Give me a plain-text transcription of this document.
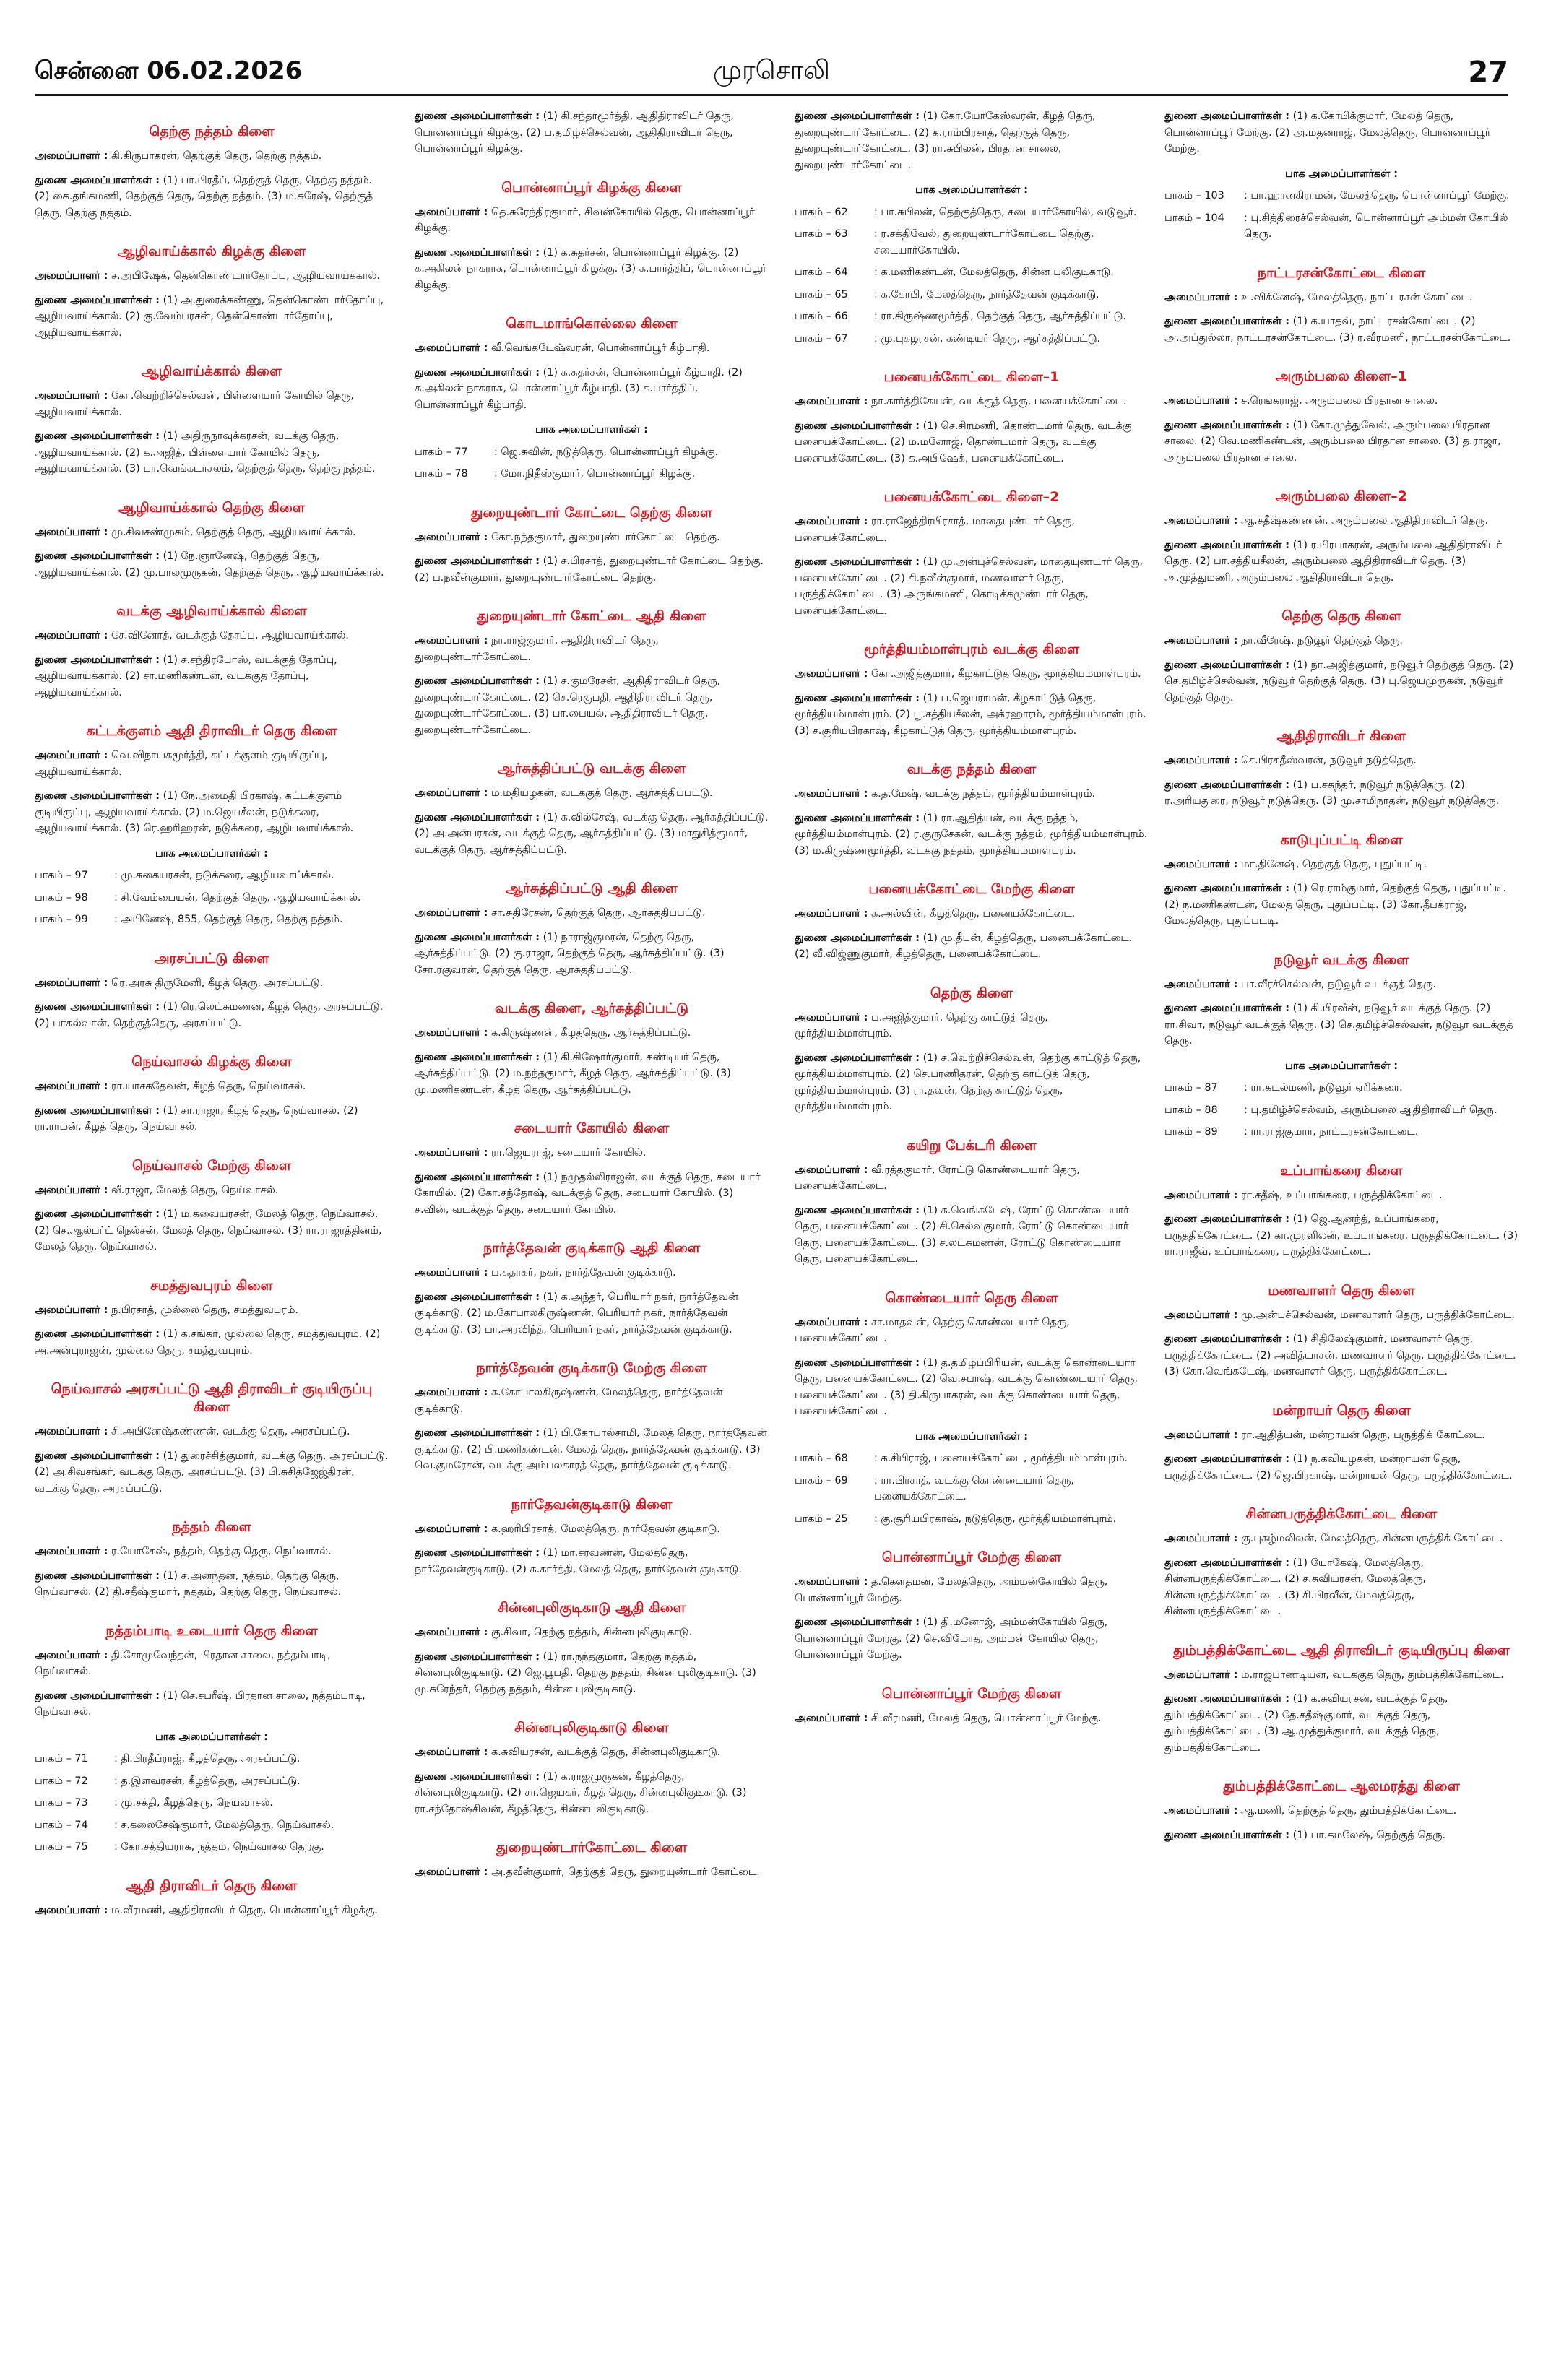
சென்னை 06.02.2026	முரசொலி	27
தெற்கு நத்தம் கிளை

அமைப்பாளர் : கி.கிருபாகரன், தெற்குத் தெரு, தெற்கு நத்தம்.

துணை அமைப்பாளர்கள் : (1) பா.பிரதீப், தெற்குத் தெரு, தெற்கு நத்தம். (2) கை.தங்கமணி, தெற்குத் தெரு, தெற்கு நத்தம். (3) ம.சுரேஷ், தெற்குத் தெரு, தெற்கு நத்தம்.

ஆழிவாய்க்கால் கிழக்கு கிளை

அமைப்பாளர் : ச.அபிஷேக், தென்கொண்டார்தோப்பு, ஆழியவாய்க்கால்.

துணை அமைப்பாளர்கள் : (1) அ.துரைக்கண்ணு, தென்கொண்டார்தோப்பு, ஆழியவாய்க்கால். (2) கு.வேம்பரசன், தென்கொண்டார்தோப்பு, ஆழியவாய்க்கால்.

ஆழிவாய்க்கால் கிளை

அமைப்பாளர் : கோ.வெற்றிச்செல்வன், பிள்ளையார் கோயில் தெரு, ஆழியவாய்க்கால்.

துணை அமைப்பாளர்கள் : (1) அதிருநாவுக்கரசன், வடக்கு தெரு, ஆழியவாய்க்கால். (2) க.அஜித், பிள்ளையார் கோயில் தெரு, ஆழியவாய்க்கால். (3) பா.வெங்கடாசலம், தெற்குத் தெரு, தெற்கு நத்தம்.

ஆழிவாய்க்கால் தெற்கு கிளை

அமைப்பாளர் : மு.சிவசண்முகம், தெற்குத் தெரு, ஆழியவாய்க்கால்.

துணை அமைப்பாளர்கள் : (1) நே.ஞானேஷ், தெற்குத் தெரு, ஆழியவாய்க்கால். (2) மு.பாலமுருகன், தெற்குத் தெரு, ஆழியவாய்க்கால்.

வடக்கு ஆழிவாய்க்கால் கிளை

அமைப்பாளர் : சே.வினோத், வடக்குத் தோப்பு, ஆழியவாய்க்கால்.

துணை அமைப்பாளர்கள் : (1) ச.சந்திரபோஸ், வடக்குத் தோப்பு, ஆழியவாய்க்கால். (2) சா.மணிகண்டன், வடக்குத் தோப்பு, ஆழியவாய்க்கால்.

கட்டக்குளம் ஆதி திராவிடர் தெரு கிளை

அமைப்பாளர் : வெ.விநாயகமூர்த்தி, கட்டக்குளம் குடியிருப்பு, ஆழியவாய்க்கால்.

துணை அமைப்பாளர்கள் : (1) நே.அமைதி பிரகாஷ், கட்டக்குளம் குடியிருப்பு, ஆழியவாய்க்கால். (2) ம.ஜெயசீலன், நடுக்கரை, ஆழியவாய்க்கால். (3) ரெ.ஹரிஹரன், நடுக்கரை, ஆழியவாய்க்கால்.

பாக அமைப்பாளர்கள் :
பாகம் – 97	: மு.சுகையரசன், நடுக்கரை, ஆழியவாய்க்கால்.
பாகம் – 98	: சி.வேம்பையன், தெற்குத் தெரு, ஆழியவாய்க்கால்.
பாகம் – 99	: அபினேஷ், 855, தெற்குத் தெரு, தெற்கு நத்தம்.
அரசப்பட்டு கிளை

அமைப்பாளர் : ரெ.அரசு திருமேனி, கீழத் தெரு, அரசப்பட்டு.

துணை அமைப்பாளர்கள் : (1) ரெ.லெட்சுமணன், கீழத் தெரு, அரசப்பட்டு. (2) பாசுல்வான், தெற்குத்தெரு, அரசப்பட்டு.

நெய்வாசல் கிழக்கு கிளை

அமைப்பாளர் : ரா.யாசகதேவன், கீழத் தெரு, நெய்வாசல்.

துணை அமைப்பாளர்கள் : (1) சா.ராஜா, கீழத் தெரு, நெய்வாசல். (2) ரா.ராமன், கீழத் தெரு, நெய்வாசல்.

நெய்வாசல் மேற்கு கிளை

அமைப்பாளர் : வீ.ராஜா, மேலத் தெரு, நெய்வாசல்.

துணை அமைப்பாளர்கள் : (1) ம.கவையரசன், மேலத் தெரு, நெய்வாசல். (2) செ.ஆல்பர்ட் நெல்சன், மேலத் தெரு, நெய்வாசல். (3) ரா.ராஜரத்தினம், மேலத் தெரு, நெய்வாசல்.

சமத்துவபுரம் கிளை

அமைப்பாளர் : ந.பிரசாத், முல்லை தெரு, சமத்துவபுரம்.

துணை அமைப்பாளர்கள் : (1) க.சங்கர், முல்லை தெரு, சமத்துவபுரம். (2) அ.அன்புராஜன், முல்லை தெரு, சமத்துவபுரம்.

நெய்வாசல் அரசப்பட்டு ஆதி திராவிடர் குடியிருப்பு கிளை

அமைப்பாளர் : சி.அபினேஷ்கண்ணன், வடக்கு தெரு, அரசப்பட்டு.

துணை அமைப்பாளர்கள் : (1) துரைச்சித்குமார், வடக்கு தெரு, அரசப்பட்டு. (2) அ.சிவசங்கர், வடக்கு தெரு, அரசப்பட்டு. (3) பி.சுசித்ஜேஜ்திரன், வடக்கு தெரு, அரசப்பட்டு.

நத்தம் கிளை

அமைப்பாளர் : ர.யோகேஷ், நத்தம், தெற்கு தெரு, நெய்வாசல்.

துணை அமைப்பாளர்கள் : (1) ச.அனந்தன், நத்தம், தெற்கு தெரு, நெய்வாசல். (2) தி.சதீஷ்குமார், நத்தம், தெற்கு தெரு, நெய்வாசல்.

நத்தம்பாடி உடையார் தெரு கிளை

அமைப்பாளர் : தி.சோமுவேந்தன், பிரதான சாலை, நத்தம்பாடி, நெய்வாசல்.

துணை அமைப்பாளர்கள் : (1) செ.சபரீஷ், பிரதான சாலை, நத்தம்பாடி, நெய்வாசல்.

பாக அமைப்பாளர்கள் :
பாகம் – 71	: தி.பிரதீப்ராஜ், கீழத்தெரு, அரசப்பட்டு.
பாகம் – 72	: த.இளவரசன், கீழத்தெரு, அரசப்பட்டு.
பாகம் – 73	: மு.சக்தி, கீழத்தெரு, நெய்வாசல்.
பாகம் – 74	: ச.கலைசேஷ்குமார், மேலத்தெரு, நெய்வாசல்.
பாகம் – 75	: கோ.சத்தியராசு, நத்தம், நெய்வாசல் தெற்கு.
ஆதி திராவிடர் தெரு கிளை

அமைப்பாளர் : ம.வீரமணி, ஆதிதிராவிடர் தெரு, பொன்னாப்பூர் கிழக்கு.

துணை அமைப்பாளர்கள் : (1) கி.சந்தாமூர்த்தி, ஆதிதிராவிடர் தெரு, பொன்னாப்பூர் கிழக்கு. (2) ப.தமிழ்ச்செல்வன், ஆதிதிராவிடர் தெரு, பொன்னாப்பூர் கிழக்கு.

பொன்னாப்பூர் கிழக்கு கிளை

அமைப்பாளர் : தெ.சுரேந்திரகுமார், சிவன்கோயில் தெரு, பொன்னாப்பூர் கிழக்கு.

துணை அமைப்பாளர்கள் : (1) க.சுதர்சன், பொன்னாப்பூர் கிழக்கு. (2) க.அகிலன் நாகராசு, பொன்னாப்பூர் கிழக்கு. (3) க.பார்த்திப், பொன்னாப்பூர் கிழக்கு.

கொடமாங்கொல்லை கிளை

அமைப்பாளர் : வீ.வெங்கடேஷ்வரன், பொன்னாப்பூர் கீழ்பாதி.

துணை அமைப்பாளர்கள் : (1) க.சுதர்சன், பொன்னாப்பூர் கீழ்பாதி. (2) க.அகிலன் நாகராசு, பொன்னாப்பூர் கீழ்பாதி. (3) க.பார்த்திப், பொன்னாப்பூர் கீழ்பாதி.

பாக அமைப்பாளர்கள் :
பாகம் – 77	: ஜெ.சுவின், நடுத்தெரு, பொன்னாப்பூர் கிழக்கு.
பாகம் – 78	: மோ.நிதீஸ்குமார், பொன்னாப்பூர் கிழக்கு.
துறையுண்டார் கோட்டை தெற்கு கிளை

அமைப்பாளர் : கோ.நந்தகுமார், துறையுண்டார்கோட்டை தெற்கு.

துணை அமைப்பாளர்கள் : (1) ச.பிரசாத், துறையுண்டார் கோட்டை தெற்கு. (2) ப.நவீன்குமார், துறையுண்டார்கோட்டை தெற்கு.

துறையுண்டார் கோட்டை ஆதி கிளை

அமைப்பாளர் : நா.ராஜ்குமார், ஆதிதிராவிடர் தெரு, துறையுண்டார்கோட்டை.

துணை அமைப்பாளர்கள் : (1) ச.குமரேசன், ஆதிதிராவிடர் தெரு, துறையுண்டார்கோட்டை. (2) செ.ரெகுபதி, ஆதிதிராவிடர் தெரு, துறையுண்டார்கோட்டை. (3) பா.பையல், ஆதிதிராவிடர் தெரு, துறையுண்டார்கோட்டை.

ஆர்சுத்திப்பட்டு வடக்கு கிளை

அமைப்பாளர் : ம.மதியழகன், வடக்குத் தெரு, ஆர்சுத்திப்பட்டு.

துணை அமைப்பாளர்கள் : (1) க.வில்சேஷ், வடக்கு தெரு, ஆர்சுத்திப்பட்டு. (2) அ.அன்பரசன், வடக்குத் தெரு, ஆர்சுத்திப்பட்டு. (3) மாதுசித்குமார், வடக்குத் தெரு, ஆர்சுத்திப்பட்டு.

ஆர்சுத்திப்பட்டு ஆதி கிளை

அமைப்பாளர் : சா.சுதிரேசன், தெற்குத் தெரு, ஆர்சுத்திப்பட்டு.

துணை அமைப்பாளர்கள் : (1) நாராஜ்குமரன், தெற்கு தெரு, ஆர்சுத்திப்பட்டு. (2) கு.ராஜா, தெற்குத் தெரு, ஆர்சுத்திப்பட்டு. (3) சோ.ரகுவரன், தெற்குத் தெரு, ஆர்சுத்திப்பட்டு.

வடக்கு கிளை, ஆர்சுத்திப்பட்டு

அமைப்பாளர் : க.கிருஷ்ணன், கீழத்தெரு, ஆர்சுத்திப்பட்டு.

துணை அமைப்பாளர்கள் : (1) கி.கிஷோர்குமார், கண்டியர் தெரு, ஆர்சுத்திப்பட்டு. (2) ம.நந்தகுமார், கீழத் தெரு, ஆர்சுத்திப்பட்டு. (3) மு.மணிகண்டன், கீழத் தெரு, ஆர்சுத்திப்பட்டு.

சடையார் கோயில் கிளை

அமைப்பாளர் : ரா.ஜெயராஜ், சடையார் கோயில்.

துணை அமைப்பாளர்கள் : (1) நமுதல்லிராஜன், வடக்குத் தெரு, சடையார் கோயில். (2) கோ.சந்தோஷ், வடக்குத் தெரு, சடையார் கோயில். (3) ச.வின், வடக்குத் தெரு, சடையார் கோயில்.

நார்த்தேவன் குடிக்காடு ஆதி கிளை

அமைப்பாளர் : ப.சுதாகர், நகர், நார்த்தேவன் குடிக்காடு.

துணை அமைப்பாளர்கள் : (1) க.அந்தர், பெரியார் நகர், நார்த்தேவன் குடிக்காடு. (2) ம.கோபாலகிருஷ்ணன், பெரியார் நகர், நார்த்தேவன் குடிக்காடு. (3) பா.அரவிந்த், பெரியார் நகர், நார்த்தேவன் குடிக்காடு.

நார்த்தேவன் குடிக்காடு மேற்கு கிளை

அமைப்பாளர் : க.கோபாலகிருஷ்ணன், மேலத்தெரு, நார்த்தேவன் குடிக்காடு.

துணை அமைப்பாளர்கள் : (1) பி.கோபால்சாமி, மேலத் தெரு, நார்த்தேவன் குடிக்காடு. (2) பி.மணிகண்டன், மேலத் தெரு, நார்த்தேவன் குடிக்காடு. (3) வெ.குமரேசன், வடக்கு அம்பலகாரத் தெரு, நார்த்தேவன் குடிக்காடு.

நார்தேவன்குடிகாடு கிளை

அமைப்பாளர் : க.ஹரிபிரசாத், மேலத்தெரு, நார்தேவன் குடிகாடு.

துணை அமைப்பாளர்கள் : (1) மா.சரவணன், மேலத்தெரு, நார்தேவன்குடிகாடு. (2) க.கார்த்தி, மேலத் தெரு, நார்தேவன் குடிகாடு.

சின்னபுலிகுடிகாடு ஆதி கிளை

அமைப்பாளர் : கு.சிவா, தெற்கு நத்தம், சின்னபுலிகுடிகாடு.

துணை அமைப்பாளர்கள் : (1) ரா.நந்தகுமார், தெற்கு நத்தம், சின்னபுலிகுடிகாடு. (2) ஜெ.பூபதி, தெற்கு நத்தம், சின்ன புலிகுடிகாடு. (3) மு.சுரேந்தர், தெற்கு நத்தம், சின்ன புலிகுடிகாடு.

சின்னபுலிகுடிகாடு கிளை

அமைப்பாளர் : க.சுவியரசன், வடக்குத் தெரு, சின்னபுலிகுடிகாடு.

துணை அமைப்பாளர்கள் : (1) க.ராஜமுருகன், கீழத்தெரு, சின்னபுலிகுடிகாடு. (2) சா.ஜெயகர், கீழத் தெரு, சின்னபுலிகுடிகாடு. (3) ரா.சந்தோஷ்சிவன், கீழத்தெரு, சின்னபுலிகுடிகாடு.

துறையுண்டார்கோட்டை கிளை

அமைப்பாளர் : அ.தவீன்குமார், தெற்குத் தெரு, துறையுண்டார் கோட்டை.

துணை அமைப்பாளர்கள் : (1) கோ.யோகேஸ்வரன், கீழத் தெரு, துறையுண்டார்கோட்டை. (2) க.ராம்பிரசாத், தெற்குத் தெரு, துறையுண்டார்கோட்டை. (3) ரா.சுபிலன், பிரதான சாலை, துறையுண்டார்கோட்டை.

பாக அமைப்பாளர்கள் :
பாகம் – 62	: பா.சுபிலன், தெற்குத்தெரு, சடையார்கோயில், வடுவூர்.
பாகம் – 63	: ர.சக்திவேல், துறையுண்டார்கோட்டை தெற்கு, சடையார்கோயில்.
பாகம் – 64	: க.மணிகண்டன், மேலத்தெரு, சின்ன புலிகுடிகாடு.
பாகம் – 65	: க.கோபி, மேலத்தெரு, நார்த்தேவன் குடிக்காடு.
பாகம் – 66	: ரா.கிருஷ்ணமூர்த்தி, தெற்குத் தெரு, ஆர்சுத்திப்பட்டு.
பாகம் – 67	: மு.புகழரசன், கண்டியர் தெரு, ஆர்சுத்திப்பட்டு.
பனையக்கோட்டை கிளை–1

அமைப்பாளர் : நா.கார்த்திகேயன், வடக்குத் தெரு, பனையக்கோட்டை.

துணை அமைப்பாளர்கள் : (1) செ.சிரமணி, தொண்டமார் தெரு, வடக்கு பனையக்கோட்டை. (2) ம.மனோஜ், தொண்டமார் தெரு, வடக்கு பனையக்கோட்டை. (3) க.அபிஷேக், பனையக்கோட்டை.

பனையக்கோட்டை கிளை–2

அமைப்பாளர் : ரா.ராஜேந்திரபிரசாத், மாதையுண்டார் தெரு, பனையக்கோட்டை.

துணை அமைப்பாளர்கள் : (1) மு.அன்புச்செல்வன், மாதையுண்டார் தெரு, பனையக்கோட்டை. (2) சி.நவீன்குமார், மணவாளர் தெரு, பருத்திக்கோட்டை. (3) அருங்கமணி, கொடிக்கமுண்டார் தெரு, பனையக்கோட்டை.

மூர்த்தியம்மாள்புரம் வடக்கு கிளை

அமைப்பாளர் : கோ.அஜித்குமார், கீழகாட்டுத் தெரு, மூர்த்தியம்மாள்புரம்.

துணை அமைப்பாளர்கள் : (1) ப.ஜெயராமன், கீழகாட்டுத் தெரு, மூர்த்தியம்மாள்புரம். (2) பூ.சத்தியசீலன், அக்ரஹாரம், மூர்த்தியம்மாள்புரம். (3) ச.சூரியபிரகாஷ், கீழகாட்டுத் தெரு, மூர்த்தியம்மாள்புரம்.

வடக்கு நத்தம் கிளை

அமைப்பாளர் : க.த.மேஷ், வடக்கு நத்தம், மூர்த்தியம்மாள்புரம்.

துணை அமைப்பாளர்கள் : (1) ரா.ஆதித்யன், வடக்கு நத்தம், மூர்த்தியம்மாள்புரம். (2) ர.குருசேகன், வடக்கு நத்தம், மூர்த்தியம்மாள்புரம். (3) ம.கிருஷ்ணமூர்த்தி, வடக்கு நத்தம், மூர்த்தியம்மாள்புரம்.

பனையக்கோட்டை மேற்கு கிளை

அமைப்பாளர் : க.அல்வின், கீழத்தெரு, பனையக்கோட்டை.

துணை அமைப்பாளர்கள் : (1) மு.தீபன், கீழத்தெரு, பனையக்கோட்டை. (2) வீ.விஜ்ணுகுமார், கீழத்தெரு, பனையக்கோட்டை.

தெற்கு கிளை

அமைப்பாளர் : ப.அஜித்குமார், தெற்கு காட்டுத் தெரு, மூர்த்தியம்மாள்புரம்.

துணை அமைப்பாளர்கள் : (1) ச.வெற்றிச்செல்வன், தெற்கு காட்டுத் தெரு, மூர்த்தியம்மாள்புரம். (2) செ.பரணிதரன், தெற்கு காட்டுத் தெரு, மூர்த்தியம்மாள்புரம். (3) ரா.தவன், தெற்கு காட்டுத் தெரு, மூர்த்தியம்மாள்புரம்.

கயிறு பேக்டரி கிளை

அமைப்பாளர் : வீ.ரத்தகுமார், ரோட்டு கொண்டையார் தெரு, பனையக்கோட்டை.

துணை அமைப்பாளர்கள் : (1) க.வெங்கடேஷ், ரோட்டு கொண்டையார் தெரு, பனையக்கோட்டை. (2) சி.செல்வகுமார், ரோட்டு கொண்டையார் தெரு, பனையக்கோட்டை. (3) ச.லட்சுமணன், ரோட்டு கொண்டையார் தெரு, பனையக்கோட்டை.

கொண்டையார் தெரு கிளை

அமைப்பாளர் : சா.மாதவன், தெற்கு கொண்டையார் தெரு, பனையக்கோட்டை.

துணை அமைப்பாளர்கள் : (1) த.தமிழ்ப்பிரியன், வடக்கு கொண்டையார் தெரு, பனையக்கோட்டை. (2) வெ.சபாஷ், வடக்கு கொண்டையார் தெரு, பனையக்கோட்டை. (3) தி.கிருபாகரன், வடக்கு கொண்டையார் தெரு, பனையக்கோட்டை.

பாக அமைப்பாளர்கள் :
பாகம் – 68	: க.சிபிராஜ், பனையக்கோட்டை, மூர்த்தியம்மாள்புரம்.
பாகம் – 69	: ரா.பிரசாத், வடக்கு கொண்டையார் தெரு, பனையக்கோட்டை.
பாகம் – 25	: கு.சூரியபிரகாஷ், நடுத்தெரு, மூர்த்தியம்மாள்புரம்.
பொன்னாப்பூர் மேற்கு கிளை

அமைப்பாளர் : த.கௌதமன், மேலத்தெரு, அம்மன்கோயில் தெரு, பொன்னாப்பூர் மேற்கு.

துணை அமைப்பாளர்கள் : (1) தி.மனோஜ், அம்மன்கோயில் தெரு, பொன்னாப்பூர் மேற்கு. (2) செ.விமோத், அம்மன் கோயில் தெரு, பொன்னாப்பூர் மேற்கு.

பொன்னாப்பூர் மேற்கு கிளை

அமைப்பாளர் : சி.வீரமணி, மேலத் தெரு, பொன்னாப்பூர் மேற்கு.

துணை அமைப்பாளர்கள் : (1) க.கோபிக்குமார், மேலத் தெரு, பொன்னாப்பூர் மேற்கு. (2) அ.மதன்ராஜ், மேலத்தெரு, பொன்னாப்பூர் மேற்கு.

பாக அமைப்பாளர்கள் :
பாகம் – 103	: பா.ஹானகிராமன், மேலத்தெரு, பொன்னாப்பூர் மேற்கு.
பாகம் – 104	: பு.சித்திரைச்செல்வன், பொன்னாப்பூர் அம்மன் கோயில் தெரு.
நாட்டரசன்கோட்டை கிளை

அமைப்பாளர் : உ.விக்னேஷ், மேலத்தெரு, நாட்டரசன் கோட்டை.

துணை அமைப்பாளர்கள் : (1) க.யாதவ், நாட்டரசன்கோட்டை. (2) அ.அப்துல்லா, நாட்டரசன்கோட்டை. (3) ர.வீரமணி, நாட்டரசன்கோட்டை.

அரும்பலை கிளை–1

அமைப்பாளர் : ச.ரெங்கராஜ், அரும்பலை பிரதான சாலை.

துணை அமைப்பாளர்கள் : (1) கோ.முத்துவேல், அரும்பலை பிரதான சாலை. (2) வெ.மணிகண்டன், அரும்பலை பிரதான சாலை. (3) த.ராஜா, அரும்பலை பிரதான சாலை.

அரும்பலை கிளை–2

அமைப்பாளர் : ஆ.சதீஷ்கண்ணன், அரும்பலை ஆதிதிராவிடர் தெரு.

துணை அமைப்பாளர்கள் : (1) ர.பிரபாகரன், அரும்பலை ஆதிதிராவிடர் தெரு. (2) பா.சத்தியசீலன், அரும்பலை ஆதிதிராவிடர் தெரு. (3) அ.முத்துமணி, அரும்பலை ஆதிதிராவிடர் தெரு.

தெற்கு தெரு கிளை

அமைப்பாளர் : நா.வீரேஷ், நடுவூர் தெற்குத் தெரு.

துணை அமைப்பாளர்கள் : (1) நா.அஜித்குமார், நடுவூர் தெற்குத் தெரு. (2) செ.தமிழ்ச்செல்வன், நடுவூர் தெற்குத் தெரு. (3) பு.ஜெயமுருகன், நடுவூர் தெற்குத் தெரு.

ஆதிதிராவிடர் கிளை

அமைப்பாளர் : செ.பிரகதீஸ்வரன், நடுவூர் நடுத்தெரு.

துணை அமைப்பாளர்கள் : (1) ப.சசுந்தர், நடுவூர் நடுத்தெரு. (2) ர.அரியதுரை, நடுவூர் நடுத்தெரு. (3) மு.சாமிநாதன், நடுவூர் நடுத்தெரு.

காடுபுப்பட்டி கிளை

அமைப்பாளர் : மா.தினேஷ், தெற்குத் தெரு, புதுப்பட்டி.

துணை அமைப்பாளர்கள் : (1) ரெ.ராம்குமார், தெற்குத் தெரு, புதுப்பட்டி. (2) ந.மணிகண்டன், மேலத் தெரு, புதுப்பட்டி. (3) கோ.தீபக்ராஜ், மேலத்தெரு, புதுப்பட்டி.

நடுவூர் வடக்கு கிளை

அமைப்பாளர் : பா.வீரச்செல்வன், நடுவூர் வடக்குத் தெரு.

துணை அமைப்பாளர்கள் : (1) கி.பிரவீன், நடுவூர் வடக்குத் தெரு. (2) ரா.சிவா, நடுவூர் வடக்குத் தெரு. (3) செ.தமிழ்ச்செல்வன், நடுவூர் வடக்குத் தெரு.

பாக அமைப்பாளர்கள் :
பாகம் – 87	: ரா.கடல்மணி, நடுவூர் ஏரிக்கரை.
பாகம் – 88	: பு.தமிழ்ச்செல்வம், அரும்பலை ஆதிதிராவிடர் தெரு.
பாகம் – 89	: ரா.ராஜ்குமார், நாட்டரசன்கோட்டை.
உப்பாங்கரை கிளை

அமைப்பாளர் : ரா.சதீஷ், உப்பாங்கரை, பருத்திக்கோட்டை.

துணை அமைப்பாளர்கள் : (1) ஜெ.ஆனந்த், உப்பாங்கரை, பருத்திக்கோட்டை. (2) கா.முரளிலன், உப்பாங்கரை, பருத்திக்கோட்டை. (3) ரா.ராஜீவ், உப்பாங்கரை, பருத்திக்கோட்டை.

மணவாளர் தெரு கிளை

அமைப்பாளர் : மு.அன்புச்செல்வன், மணவாளர் தெரு, பருத்திக்கோட்டை.

துணை அமைப்பாளர்கள் : (1) சிதிலேஷ்குமார், மணவாளர் தெரு, பருத்திக்கோட்டை. (2) அவித்யாசன், மணவாளர் தெரு, பருத்திக்கோட்டை. (3) கோ.வெங்கடேஷ், மணவாளர் தெரு, பருத்திக்கோட்டை.

மன்றாயர் தெரு கிளை

அமைப்பாளர் : ரா.ஆதித்யன், மன்றாயன் தெரு, பருத்திக் கோட்டை.

துணை அமைப்பாளர்கள் : (1) ந.கவியழகன், மன்றாயன் தெரு, பருத்திக்கோட்டை. (2) ஜெ.பிரகாஷ், மன்றாயன் தெரு, பருத்திக்கோட்டை.

சின்னபருத்திக்கோட்டை கிளை

அமைப்பாளர் : கு.புகழ்மலிலன், மேலத்தெரு, சின்னபருத்திக் கோட்டை.

துணை அமைப்பாளர்கள் : (1) யோகேஷ், மேலத்தெரு, சின்னபருத்திக்கோட்டை. (2) ச.சுவியரசன், மேலத்தெரு, சின்னபருத்திக்கோட்டை. (3) சி.பிரவீன், மேலத்தெரு, சின்னபருத்திக்கோட்டை.

தும்பத்திக்கோட்டை ஆதி திராவிடர் குடியிருப்பு கிளை

அமைப்பாளர் : ம.ராஜபாண்டியன், வடக்குத் தெரு, தும்பத்திக்கோட்டை.

துணை அமைப்பாளர்கள் : (1) க.சுவியரசன், வடக்குத் தெரு, தும்பத்திக்கோட்டை. (2) தே.சதீஷ்குமார், வடக்குத் தெரு, தும்பத்திக்கோட்டை. (3) ஆ.முத்துக்குமார், வடக்குத் தெரு, தும்பத்திக்கோட்டை.

தும்பத்திக்கோட்டை ஆலமரத்து கிளை

அமைப்பாளர் : ஆ.மணி, தெற்குத் தெரு, தும்பத்திக்கோட்டை.

துணை அமைப்பாளர்கள் : (1) பா.கமலேஷ், தெற்குத் தெரு.
